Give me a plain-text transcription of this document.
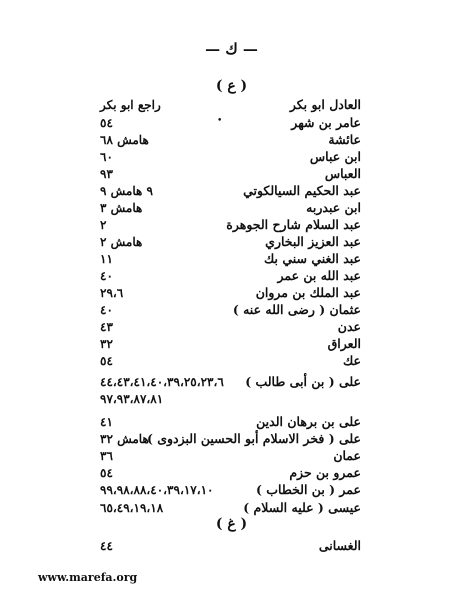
— ك —
( ع )
•
العادل ابو بكر
راجع ابو بكر
عامر بن شهر
٥٤
عائشة
هامش ٦٨
ابن عباس
٦٠
العباس
٩٣
عبد الحكيم السيالكوتي
٩ هامش ٩
ابن عبدربه
هامش ٣
عبد السلام شارح الجوهرة
٢
عبد العزيز البخاري
هامش ٢
عبد الغني سني بك
١١
عبد الله بن عمر
٤٠
عبد الملك بن مروان
٢٩،٦
عثمان ( رضى الله عنه )
٤٠
عدن
٤٣
العراق
٣٢
عك
٥٤
على ( بن أبى طالب )
٤٤،٤٣،٤١،٤٠،٣٩،٢٥،٢٣،٦
٩٧،٩٣،٨٧،٨١
على بن برهان الدين
٤١
على ( فخر الاسلام أبو الحسين البزدوى )
هامش ٣٢
عمان
٣٦
عمرو بن حزم
٥٤
عمر ( بن الخطاب )
٩٩،٩٨،٨٨،٤٠،٣٩،١٧،١٠
عيسى ( عليه السلام )
٦٥،٤٩،١٩،١٨
الغسانى
٤٤
( غ )
www.marefa.org
